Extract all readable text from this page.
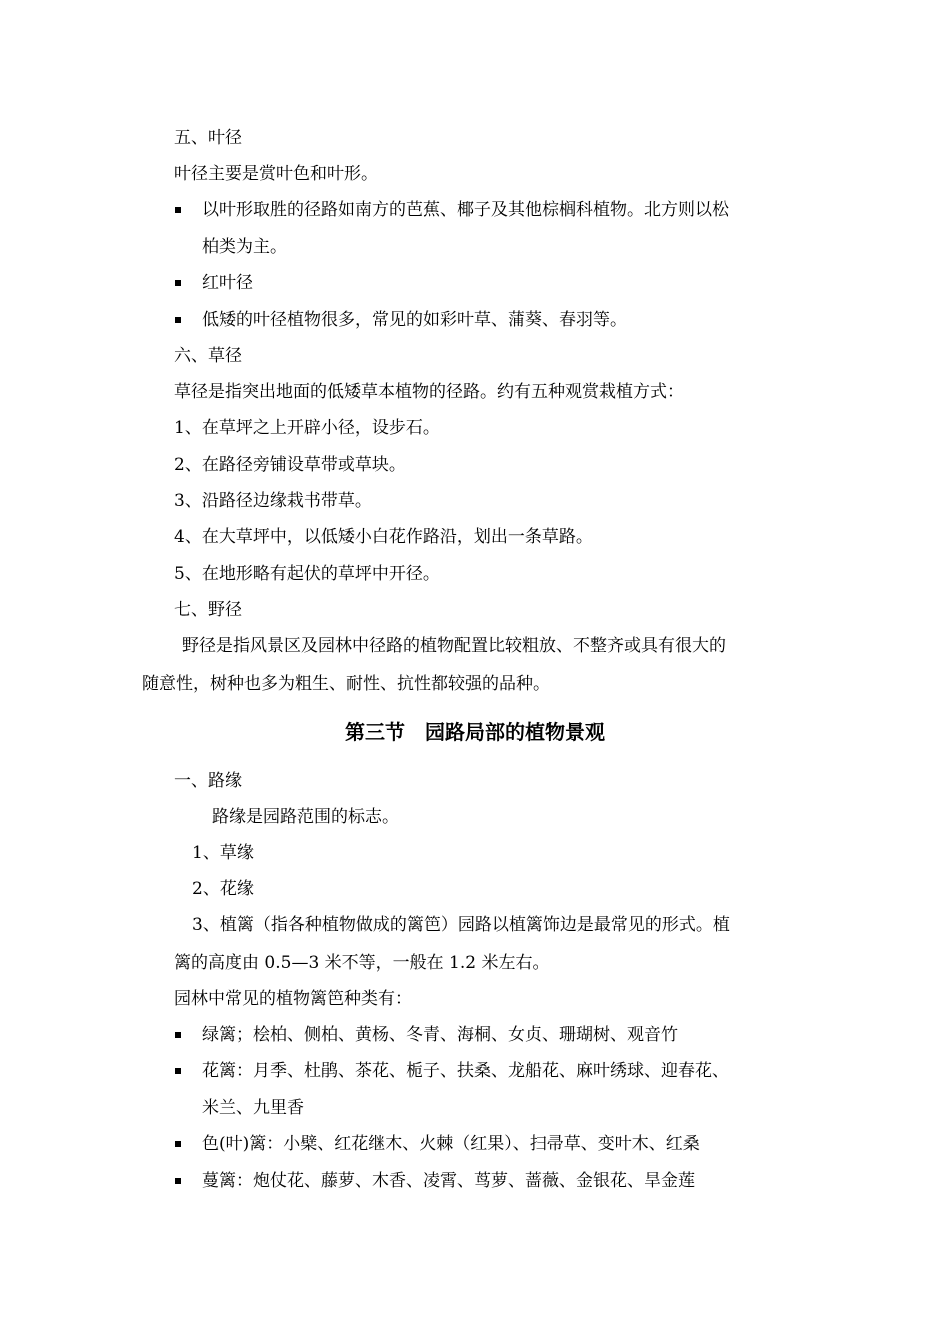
五、叶径
叶径主要是赏叶色和叶形。
以叶形取胜的径路如南方的芭蕉、椰子及其他棕榈科植物。北方则以松
柏类为主。
红叶径
低矮的叶径植物很多，常见的如彩叶草、蒲葵、春羽等。
六、草径
草径是指突出地面的低矮草本植物的径路。约有五种观赏栽植方式：
1、在草坪之上开辟小径，设步石。
2、在路径旁铺设草带或草块。
3、沿路径边缘栽书带草。
4、在大草坪中，以低矮小白花作路沿，划出一条草路。
5、在地形略有起伏的草坪中开径。
七、野径
野径是指风景区及园林中径路的植物配置比较粗放、不整齐或具有很大的
随意性，树种也多为粗生、耐性、抗性都较强的品种。
第三节　园路局部的植物景观
一、路缘
路缘是园路范围的标志。
1、草缘
2、花缘
3、植篱（指各种植物做成的篱笆）园路以植篱饰边是最常见的形式。植
篱的高度由 0.5—3 米不等，一般在 1.2 米左右。
园林中常见的植物篱笆种类有：
绿篱；桧柏、侧柏、黄杨、冬青、海桐、女贞、珊瑚树、观音竹
花篱：月季、杜鹃、茶花、栀子、扶桑、龙船花、麻叶绣球、迎春花、
米兰、九里香
色(叶)篱：小檗、红花继木、火棘（红果）、扫帚草、变叶木、红桑
蔓篱：炮仗花、藤萝、木香、凌霄、茑萝、蔷薇、金银花、旱金莲
